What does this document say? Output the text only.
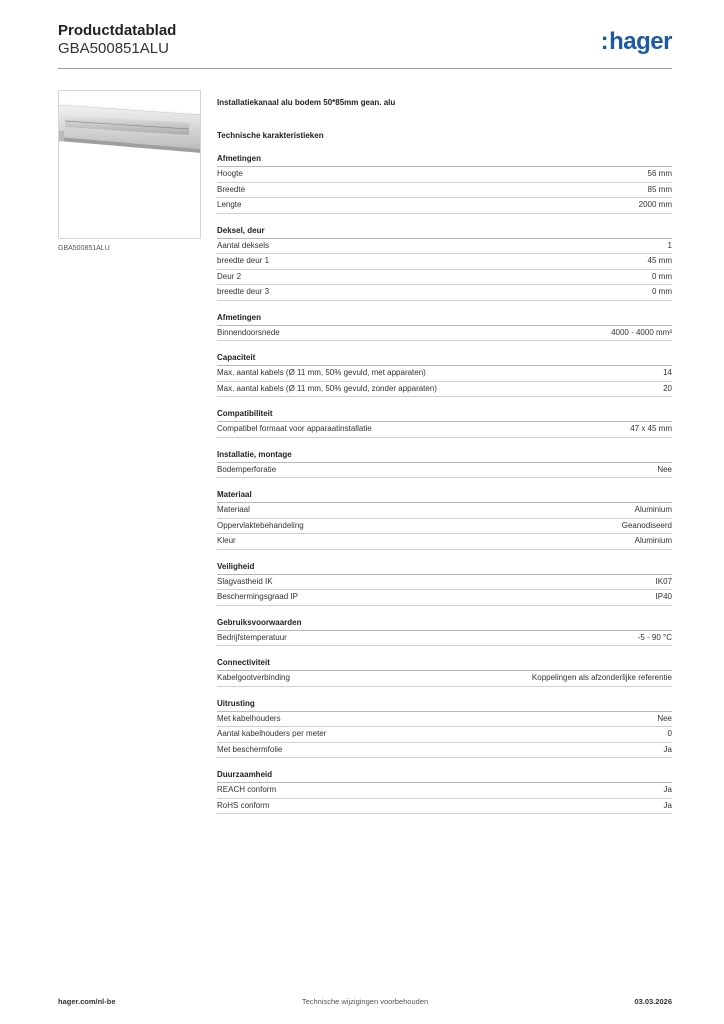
Productdatablad
GBA500851ALU	:hager
GBA500851ALU
Installatiekanaal alu bodem 50*85mm gean. alu
Technische karakteristieken
Afmetingen
Hoogte	56 mm
Breedte	85 mm
Lengte	2000 mm
Deksel, deur
Aantal deksels	1
breedte deur 1	45 mm
Deur 2	0 mm
breedte deur 3	0 mm
Afmetingen
Binnendoorsnede	4000 - 4000 mm²
Capaciteit
Max. aantal kabels (Ø 11 mm, 50% gevuld, met apparaten)	14
Max. aantal kabels (Ø 11 mm, 50% gevuld, zonder apparaten)	20
Compatibiliteit
Compatibel formaat voor apparaatinstallatie	47 x 45 mm
Installatie, montage
Bodemperforatie	Nee
Materiaal
Materiaal	Aluminium
Oppervlaktebehandeling	Geanodiseerd
Kleur	Aluminium
Veiligheid
Slagvastheid IK	IK07
Beschermingsgraad IP	IP40
Gebruiksvoorwaarden
Bedrijfstemperatuur	-5 - 90 °C
Connectiviteit
Kabelgootverbinding	Koppelingen als afzonderlijke referentie
Uitrusting
Met kabelhouders	Nee
Aantal kabelhouders per meter	0
Met beschermfolie	Ja
Duurzaamheid
REACH conform	Ja
RoHS conform	Ja
hager.com/nl-be	Technische wijzigingen voorbehouden	03.03.2026
